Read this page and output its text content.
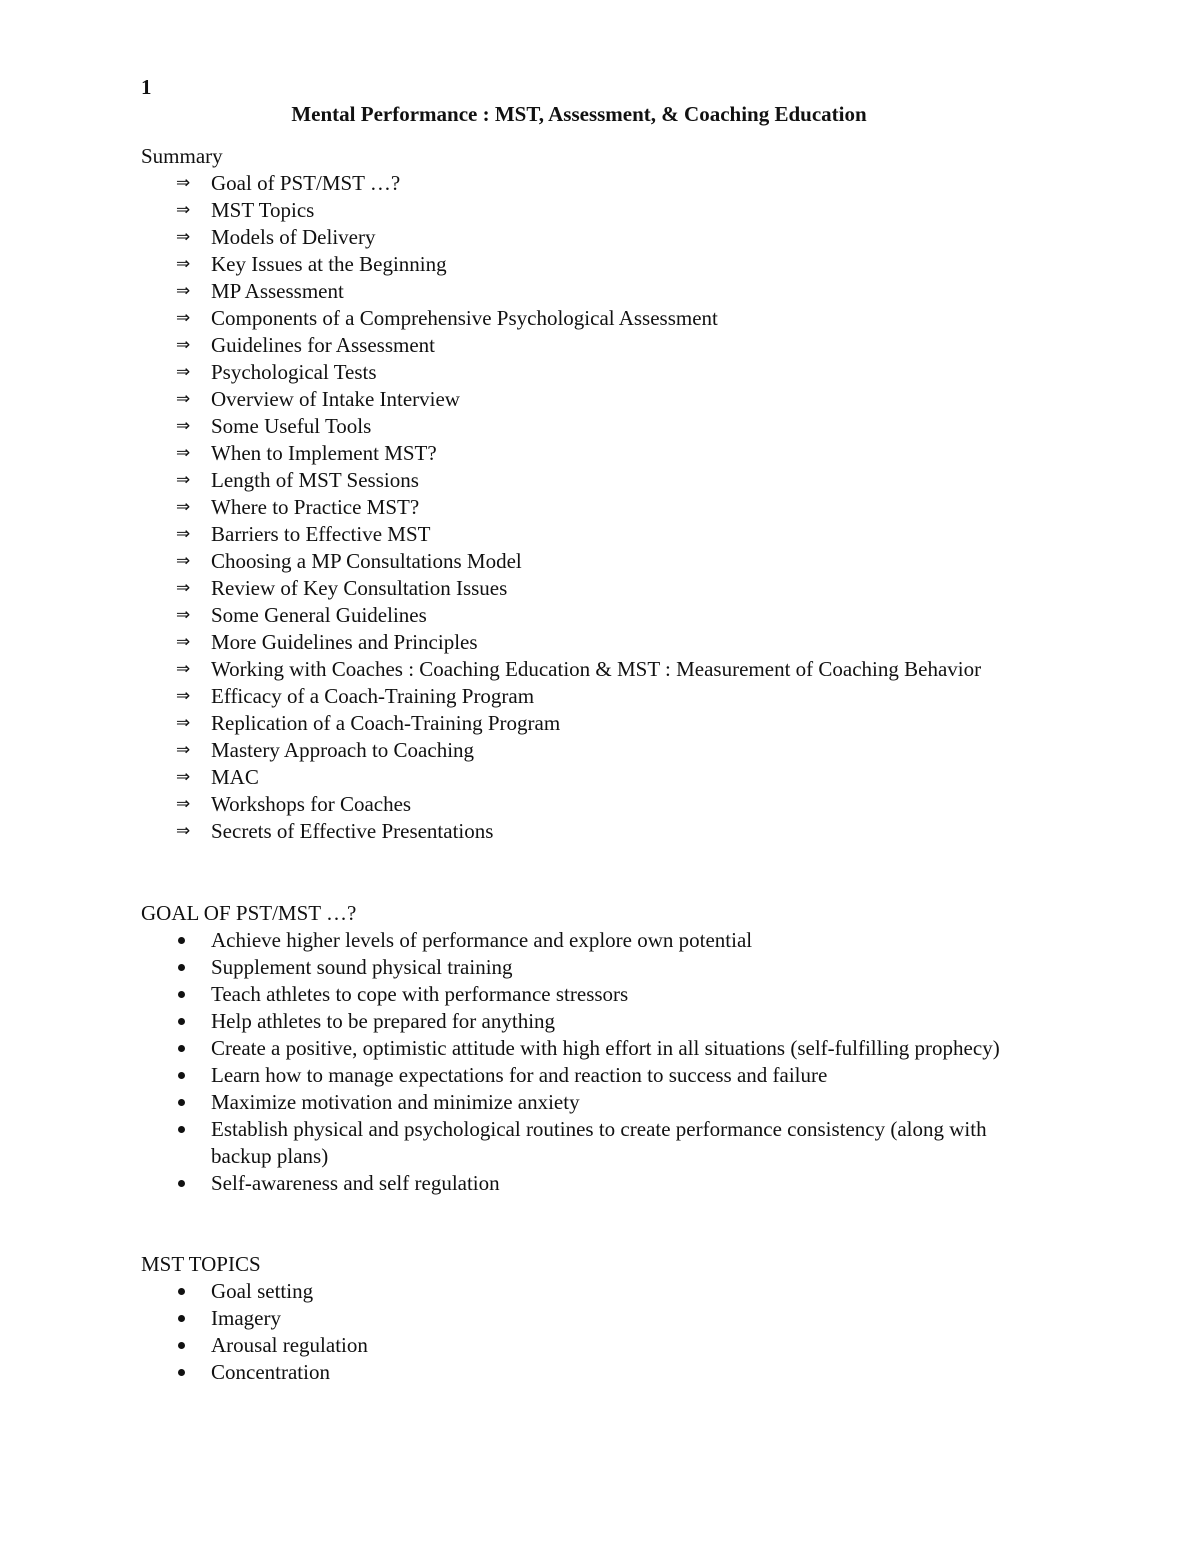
1
Mental Performance : MST, Assessment, & Coaching Education

Summary

⇒ Goal of PST/MST …?
⇒ MST Topics
⇒ Models of Delivery
⇒ Key Issues at the Beginning
⇒ MP Assessment
⇒ Components of a Comprehensive Psychological Assessment
⇒ Guidelines for Assessment
⇒ Psychological Tests
⇒ Overview of Intake Interview
⇒ Some Useful Tools
⇒ When to Implement MST?
⇒ Length of MST Sessions
⇒ Where to Practice MST?
⇒ Barriers to Effective MST
⇒ Choosing a MP Consultations Model
⇒ Review of Key Consultation Issues
⇒ Some General Guidelines
⇒ More Guidelines and Principles
⇒ Working with Coaches : Coaching Education & MST : Measurement of Coaching Behavior
⇒ Efficacy of a Coach-Training Program
⇒ Replication of a Coach-Training Program
⇒ Mastery Approach to Coaching
⇒ MAC
⇒ Workshops for Coaches
⇒ Secrets of Effective Presentations

GOAL OF PST/MST …?

Achieve higher levels of performance and explore own potential
Supplement sound physical training
Teach athletes to cope with performance stressors
Help athletes to be prepared for anything
Create a positive, optimistic attitude with high effort in all situations (self-fulfilling prophecy)
Learn how to manage expectations for and reaction to success and failure
Maximize motivation and minimize anxiety
Establish physical and psychological routines to create performance consistency (along with backup plans)
Self-awareness and self regulation

MST TOPICS

Goal setting
Imagery
Arousal regulation
Concentration
